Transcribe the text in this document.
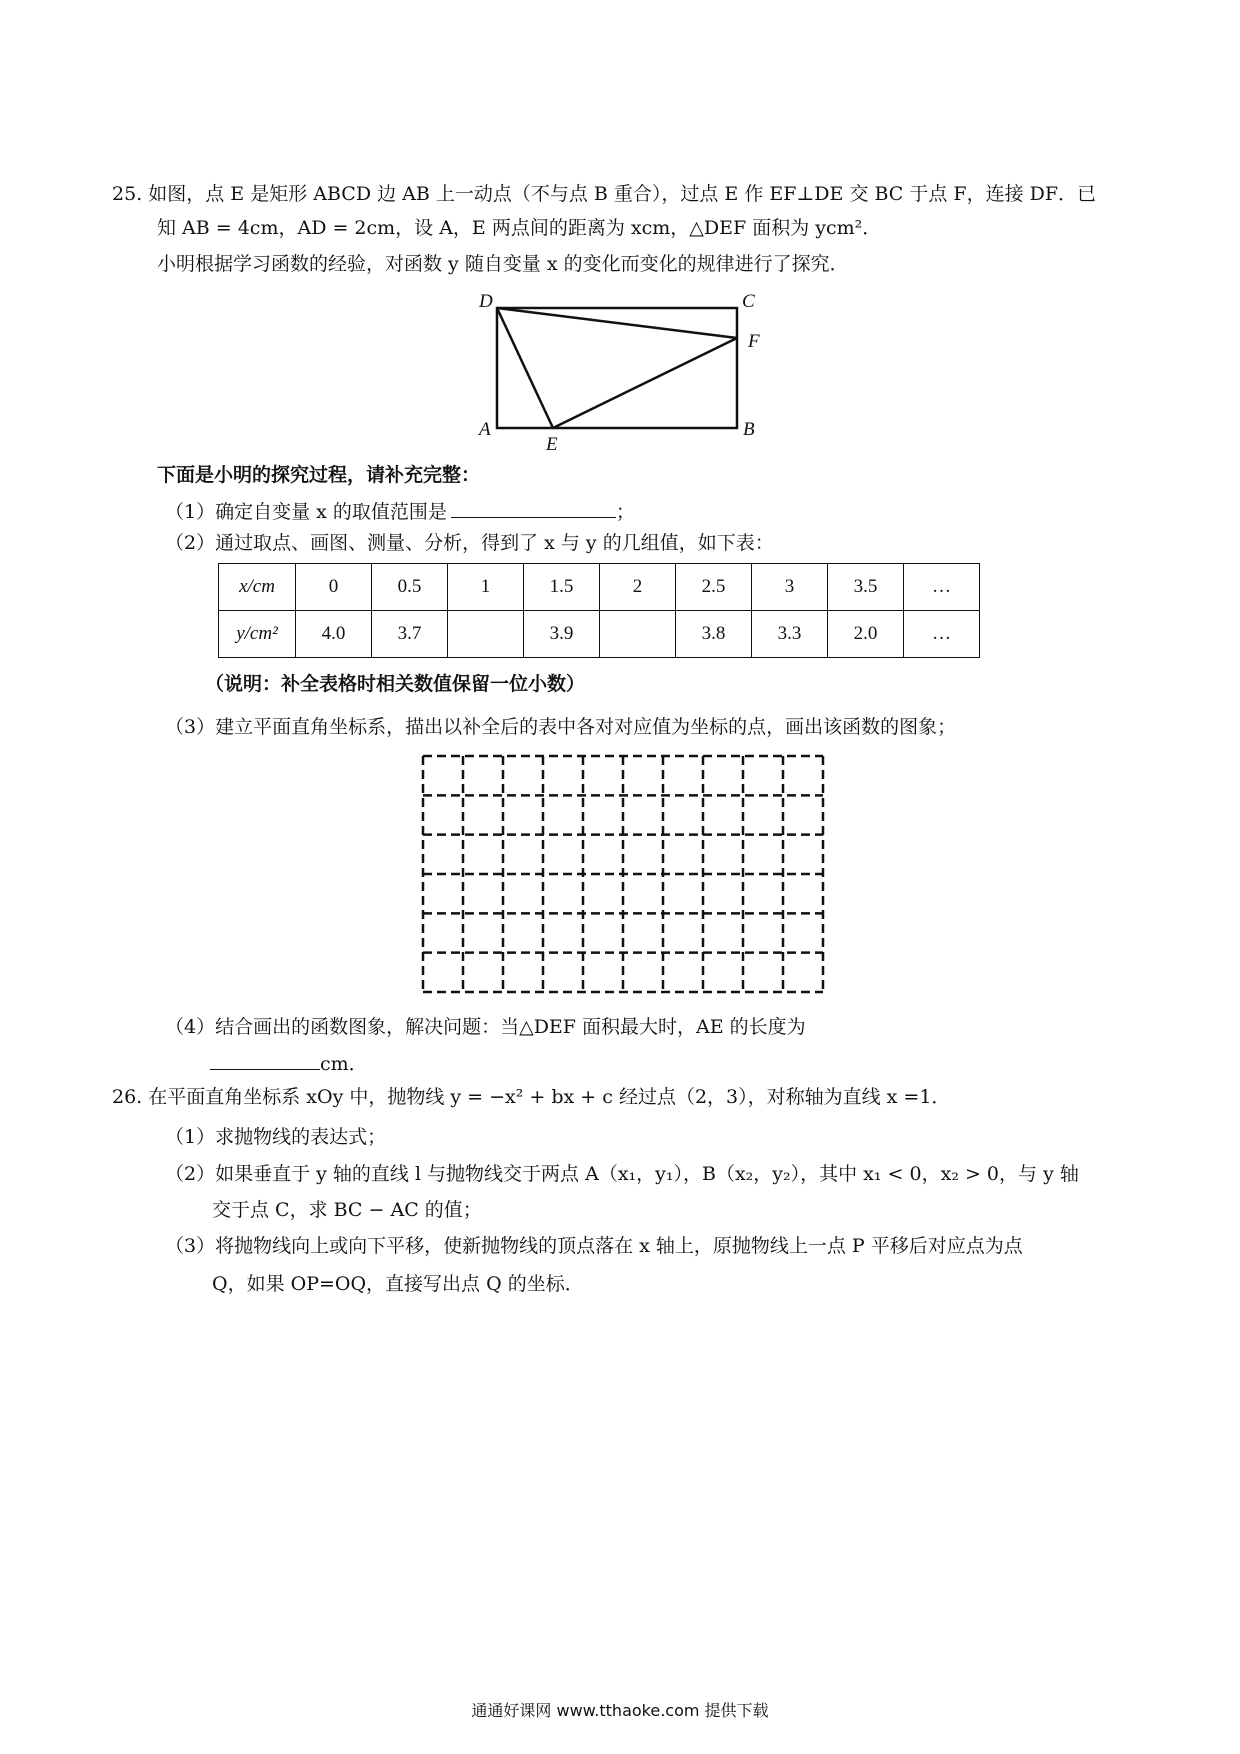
25. 如图，点 E 是矩形 ABCD 边 AB 上一动点（不与点 B 重合），过点 E 作 EF⊥DE 交 BC 于点 F，连接 DF．已
知 AB = 4cm，AD = 2cm，设 A，E 两点间的距离为 xcm，△DEF 面积为 ycm²．
小明根据学习函数的经验，对函数 y 随自变量 x 的变化而变化的规律进行了探究．
D	C
F
A
E
B
下面是小明的探究过程，请补充完整：
（1）确定自变量 x 的取值范围是	；
（2）通过取点、画图、测量、分析，得到了 x 与 y 的几组值，如下表：
x/cm	0	0.5	1	1.5	2	2.5	3	3.5	…
y/cm²	4.0	3.7		3.9		3.8	3.3	2.0	…
（说明：补全表格时相关数值保留一位小数）
（3）建立平面直角坐标系，描出以补全后的表中各对对应值为坐标的点，画出该函数的图象；
（4）结合画出的函数图象，解决问题：当△DEF 面积最大时，AE 的长度为
cm．
26. 在平面直角坐标系 xOy 中，抛物线 y = −x² + bx + c 经过点（2，3），对称轴为直线 x =1．
（1）求抛物线的表达式；
（2）如果垂直于 y 轴的直线 l 与抛物线交于两点 A（x₁，y₁），B（x₂，y₂），其中 x₁ < 0，x₂ > 0，与 y 轴
交于点 C，求 BC − AC 的值；
（3）将抛物线向上或向下平移，使新抛物线的顶点落在 x 轴上，原抛物线上一点 P 平移后对应点为点
Q，如果 OP=OQ，直接写出点 Q 的坐标．
通通好课网 www.tthaoke.com 提供下载
